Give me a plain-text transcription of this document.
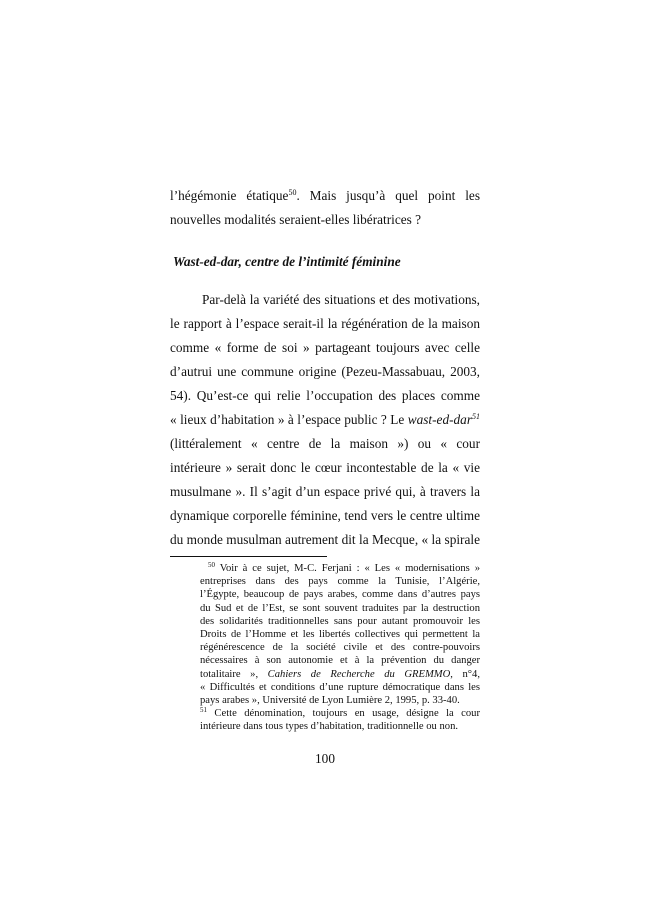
l’hégémonie étatique$^{50}$. Mais jusqu’à quel point les
nouvelles modalités seraient-elles libératrices ?
Wast-ed-dar, centre de l’intimité féminine
Par-delà la variété des situations et des motivations,
le rapport à l’espace serait-il la régénération de la maison
comme « forme de soi » partageant toujours avec celle
d’autrui une commune origine (Pezeu-Massabuau, 2003,
54). Qu’est-ce qui relie l’occupation des places comme
« lieux d’habitation » à l’espace public ? Le wast-ed-dar$^{51}$
(littéralement « centre de la maison ») ou « cour
intérieure » serait donc le cœur incontestable de la « vie
musulmane ». Il s’agit d’un espace privé qui, à travers la
dynamique corporelle féminine, tend vers le centre ultime
du monde musulman autrement dit la Mecque, « la spirale
$^{50}$ Voir à ce sujet, M-C. Ferjani : « Les « modernisations »
entreprises dans des pays comme la Tunisie, l’Algérie,
l’Égypte, beaucoup de pays arabes, comme dans d’autres pays
du Sud et de l’Est, se sont souvent traduites par la destruction
des solidarités traditionnelles sans pour autant promouvoir les
Droits de l’Homme et les libertés collectives qui permettent la
régénérescence de la société civile et des contre-pouvoirs
nécessaires à son autonomie et à la prévention du danger
totalitaire », Cahiers de Recherche du GREMMO, n°4,
« Difficultés et conditions d’une rupture démocratique dans les
pays arabes », Université de Lyon Lumière 2, 1995, p. 33-40.
$^{51}$ Cette dénomination, toujours en usage, désigne la cour
intérieure dans tous types d’habitation, traditionnelle ou non.
100
